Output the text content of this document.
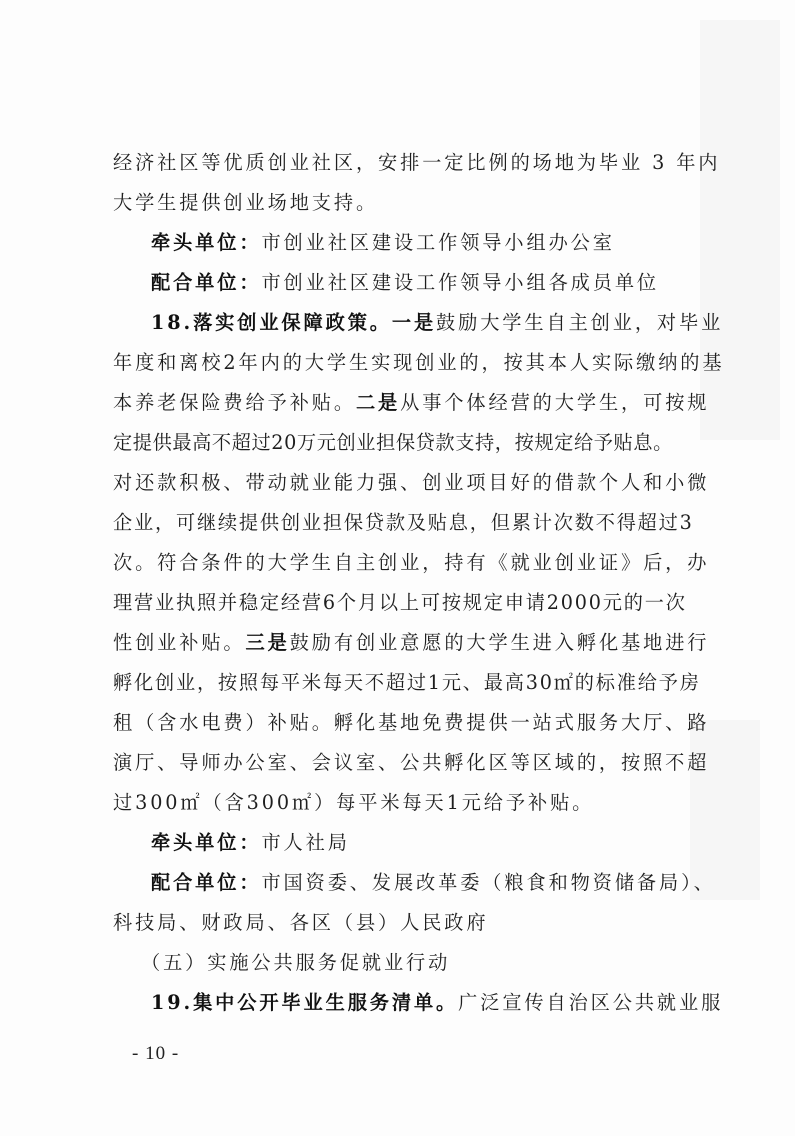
经济社区等优质创业社区，安排一定比例的场地为毕业 3 年内
大学生提供创业场地支持。
牵头单位：市创业社区建设工作领导小组办公室
配合单位：市创业社区建设工作领导小组各成员单位
18.落实创业保障政策。一是鼓励大学生自主创业，对毕业
年度和离校2年内的大学生实现创业的，按其本人实际缴纳的基
本养老保险费给予补贴。二是从事个体经营的大学生，可按规
定提供最高不超过20万元创业担保贷款支持，按规定给予贴息。
对还款积极、带动就业能力强、创业项目好的借款个人和小微
企业，可继续提供创业担保贷款及贴息，但累计次数不得超过3
次。符合条件的大学生自主创业，持有《就业创业证》后，办
理营业执照并稳定经营6个月以上可按规定申请2000元的一次
性创业补贴。三是鼓励有创业意愿的大学生进入孵化基地进行
孵化创业，按照每平米每天不超过1元、最高30㎡的标准给予房
租（含水电费）补贴。孵化基地免费提供一站式服务大厅、路
演厅、导师办公室、会议室、公共孵化区等区域的，按照不超
过300㎡（含300㎡）每平米每天1元给予补贴。
牵头单位：市人社局
配合单位：市国资委、发展改革委（粮食和物资储备局）、
科技局、财政局、各区（县）人民政府
（五）实施公共服务促就业行动
19.集中公开毕业生服务清单。广泛宣传自治区公共就业服
- 10 -
